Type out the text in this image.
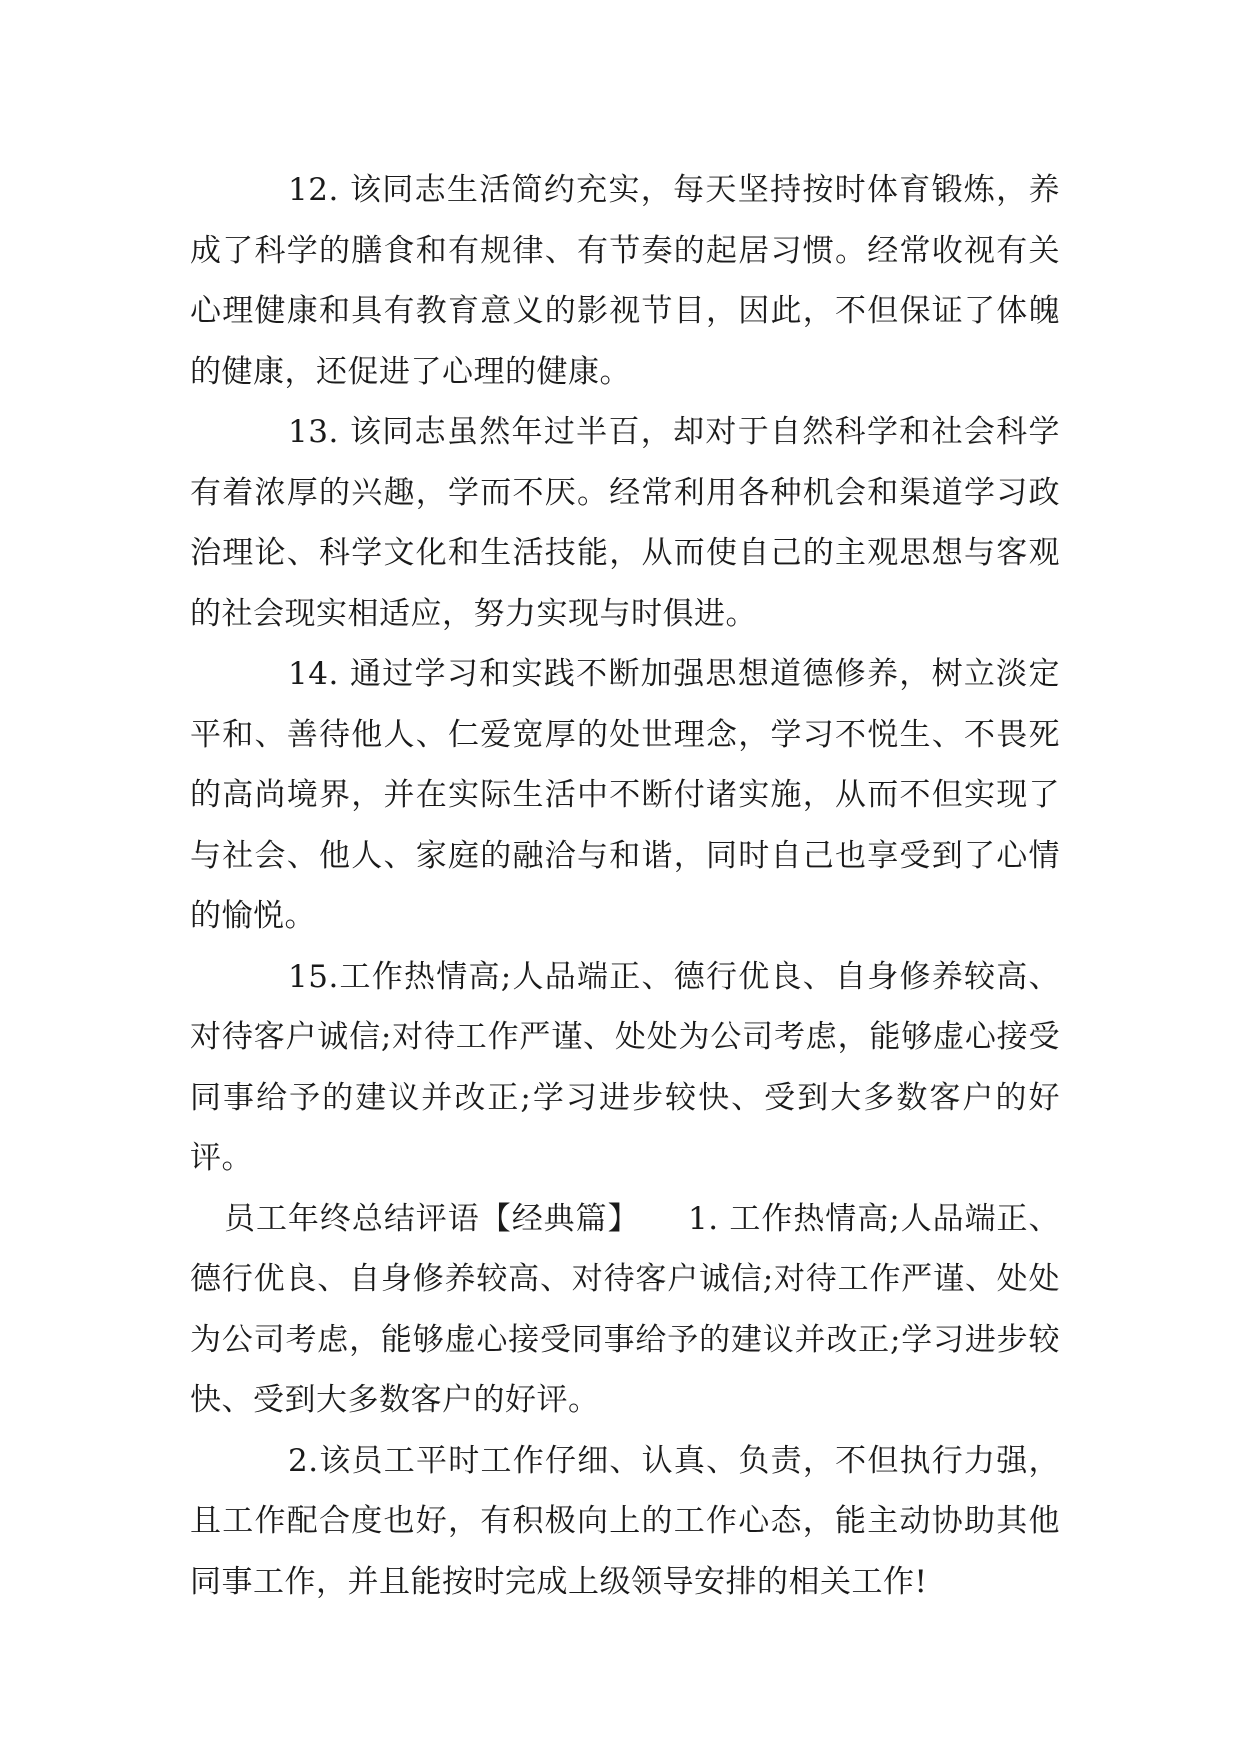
12. 该同志生活简约充实，每天坚持按时体育锻炼，养成了科学的膳食和有规律、有节奏的起居习惯。经常收视有关心理健康和具有教育意义的影视节目，因此，不但保证了体魄的健康，还促进了心理的健康。

13. 该同志虽然年过半百，却对于自然科学和社会科学有着浓厚的兴趣，学而不厌。经常利用各种机会和渠道学习政治理论、科学文化和生活技能，从而使自己的主观思想与客观的社会现实相适应，努力实现与时俱进。

14. 通过学习和实践不断加强思想道德修养，树立淡定平和、善待他人、仁爱宽厚的处世理念，学习不悦生、不畏死的高尚境界，并在实际生活中不断付诸实施，从而不但实现了与社会、他人、家庭的融洽与和谐，同时自己也享受到了心情的愉悦。

15.工作热情高;人品端正、德行优良、自身修养较高、对待客户诚信;对待工作严谨、处处为公司考虑，能够虚心接受同事给予的建议并改正;学习进步较快、受到大多数客户的好评。

员工年终总结评语【经典篇】　　1. 工作热情高;人品端正、德行优良、自身修养较高、对待客户诚信;对待工作严谨、处处为公司考虑，能够虚心接受同事给予的建议并改正;学习进步较快、受到大多数客户的好评。

2.该员工平时工作仔细、认真、负责，不但执行力强，且工作配合度也好，有积极向上的工作心态，能主动协助其他同事工作，并且能按时完成上级领导安排的相关工作!
